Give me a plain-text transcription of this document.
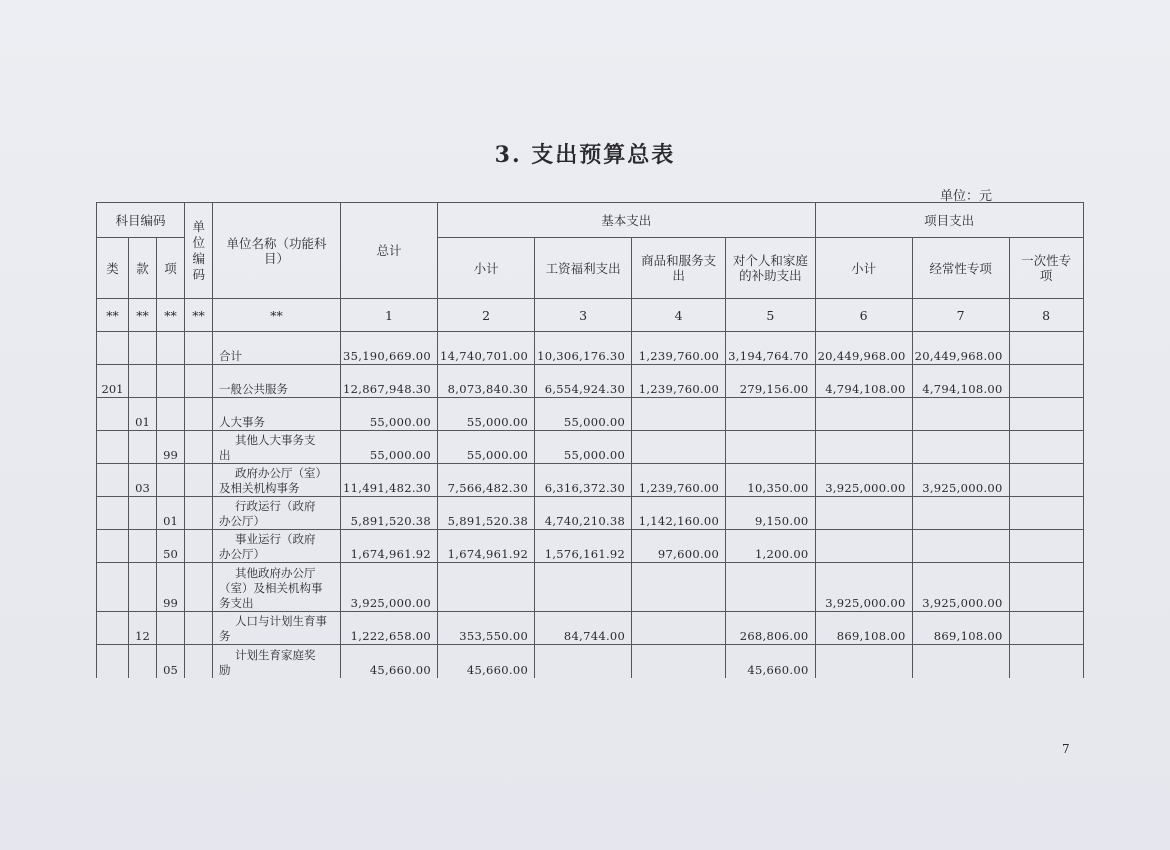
3. 支出预算总表
单位：元
7
科目编码			单位编码	单位名称（功能科目）	总计	基本支出				项目支出		
类	款	项				小计	工资福利支出	商品和服务支出	对个人和家庭的补助支出	小计	经常性专项	一次性专项
**	**	**	**	**	1	2	3	4	5	6	7	8
				合计	35,190,669.00	14,740,701.00	10,306,176.30	1,239,760.00	3,194,764.70	20,449,968.00	20,449,968.00	
201				一般公共服务	12,867,948.30	8,073,840.30	6,554,924.30	1,239,760.00	279,156.00	4,794,108.00	4,794,108.00	
	01			人大事务	55,000.00	55,000.00	55,000.00					
		99		其他人大事务支
出	55,000.00	55,000.00	55,000.00					
	03			政府办公厅（室）
及相关机构事务	11,491,482.30	7,566,482.30	6,316,372.30	1,239,760.00	10,350.00	3,925,000.00	3,925,000.00	
		01		行政运行（政府
办公厅）	5,891,520.38	5,891,520.38	4,740,210.38	1,142,160.00	9,150.00			
		50		事业运行（政府
办公厅）	1,674,961.92	1,674,961.92	1,576,161.92	97,600.00	1,200.00			
		99		其他政府办公厅
（室）及相关机构事
务支出	3,925,000.00					3,925,000.00	3,925,000.00	
	12			人口与计划生育事
务	1,222,658.00	353,550.00	84,744.00		268,806.00	869,108.00	869,108.00	
		05		计划生育家庭奖
励	45,660.00	45,660.00			45,660.00			
